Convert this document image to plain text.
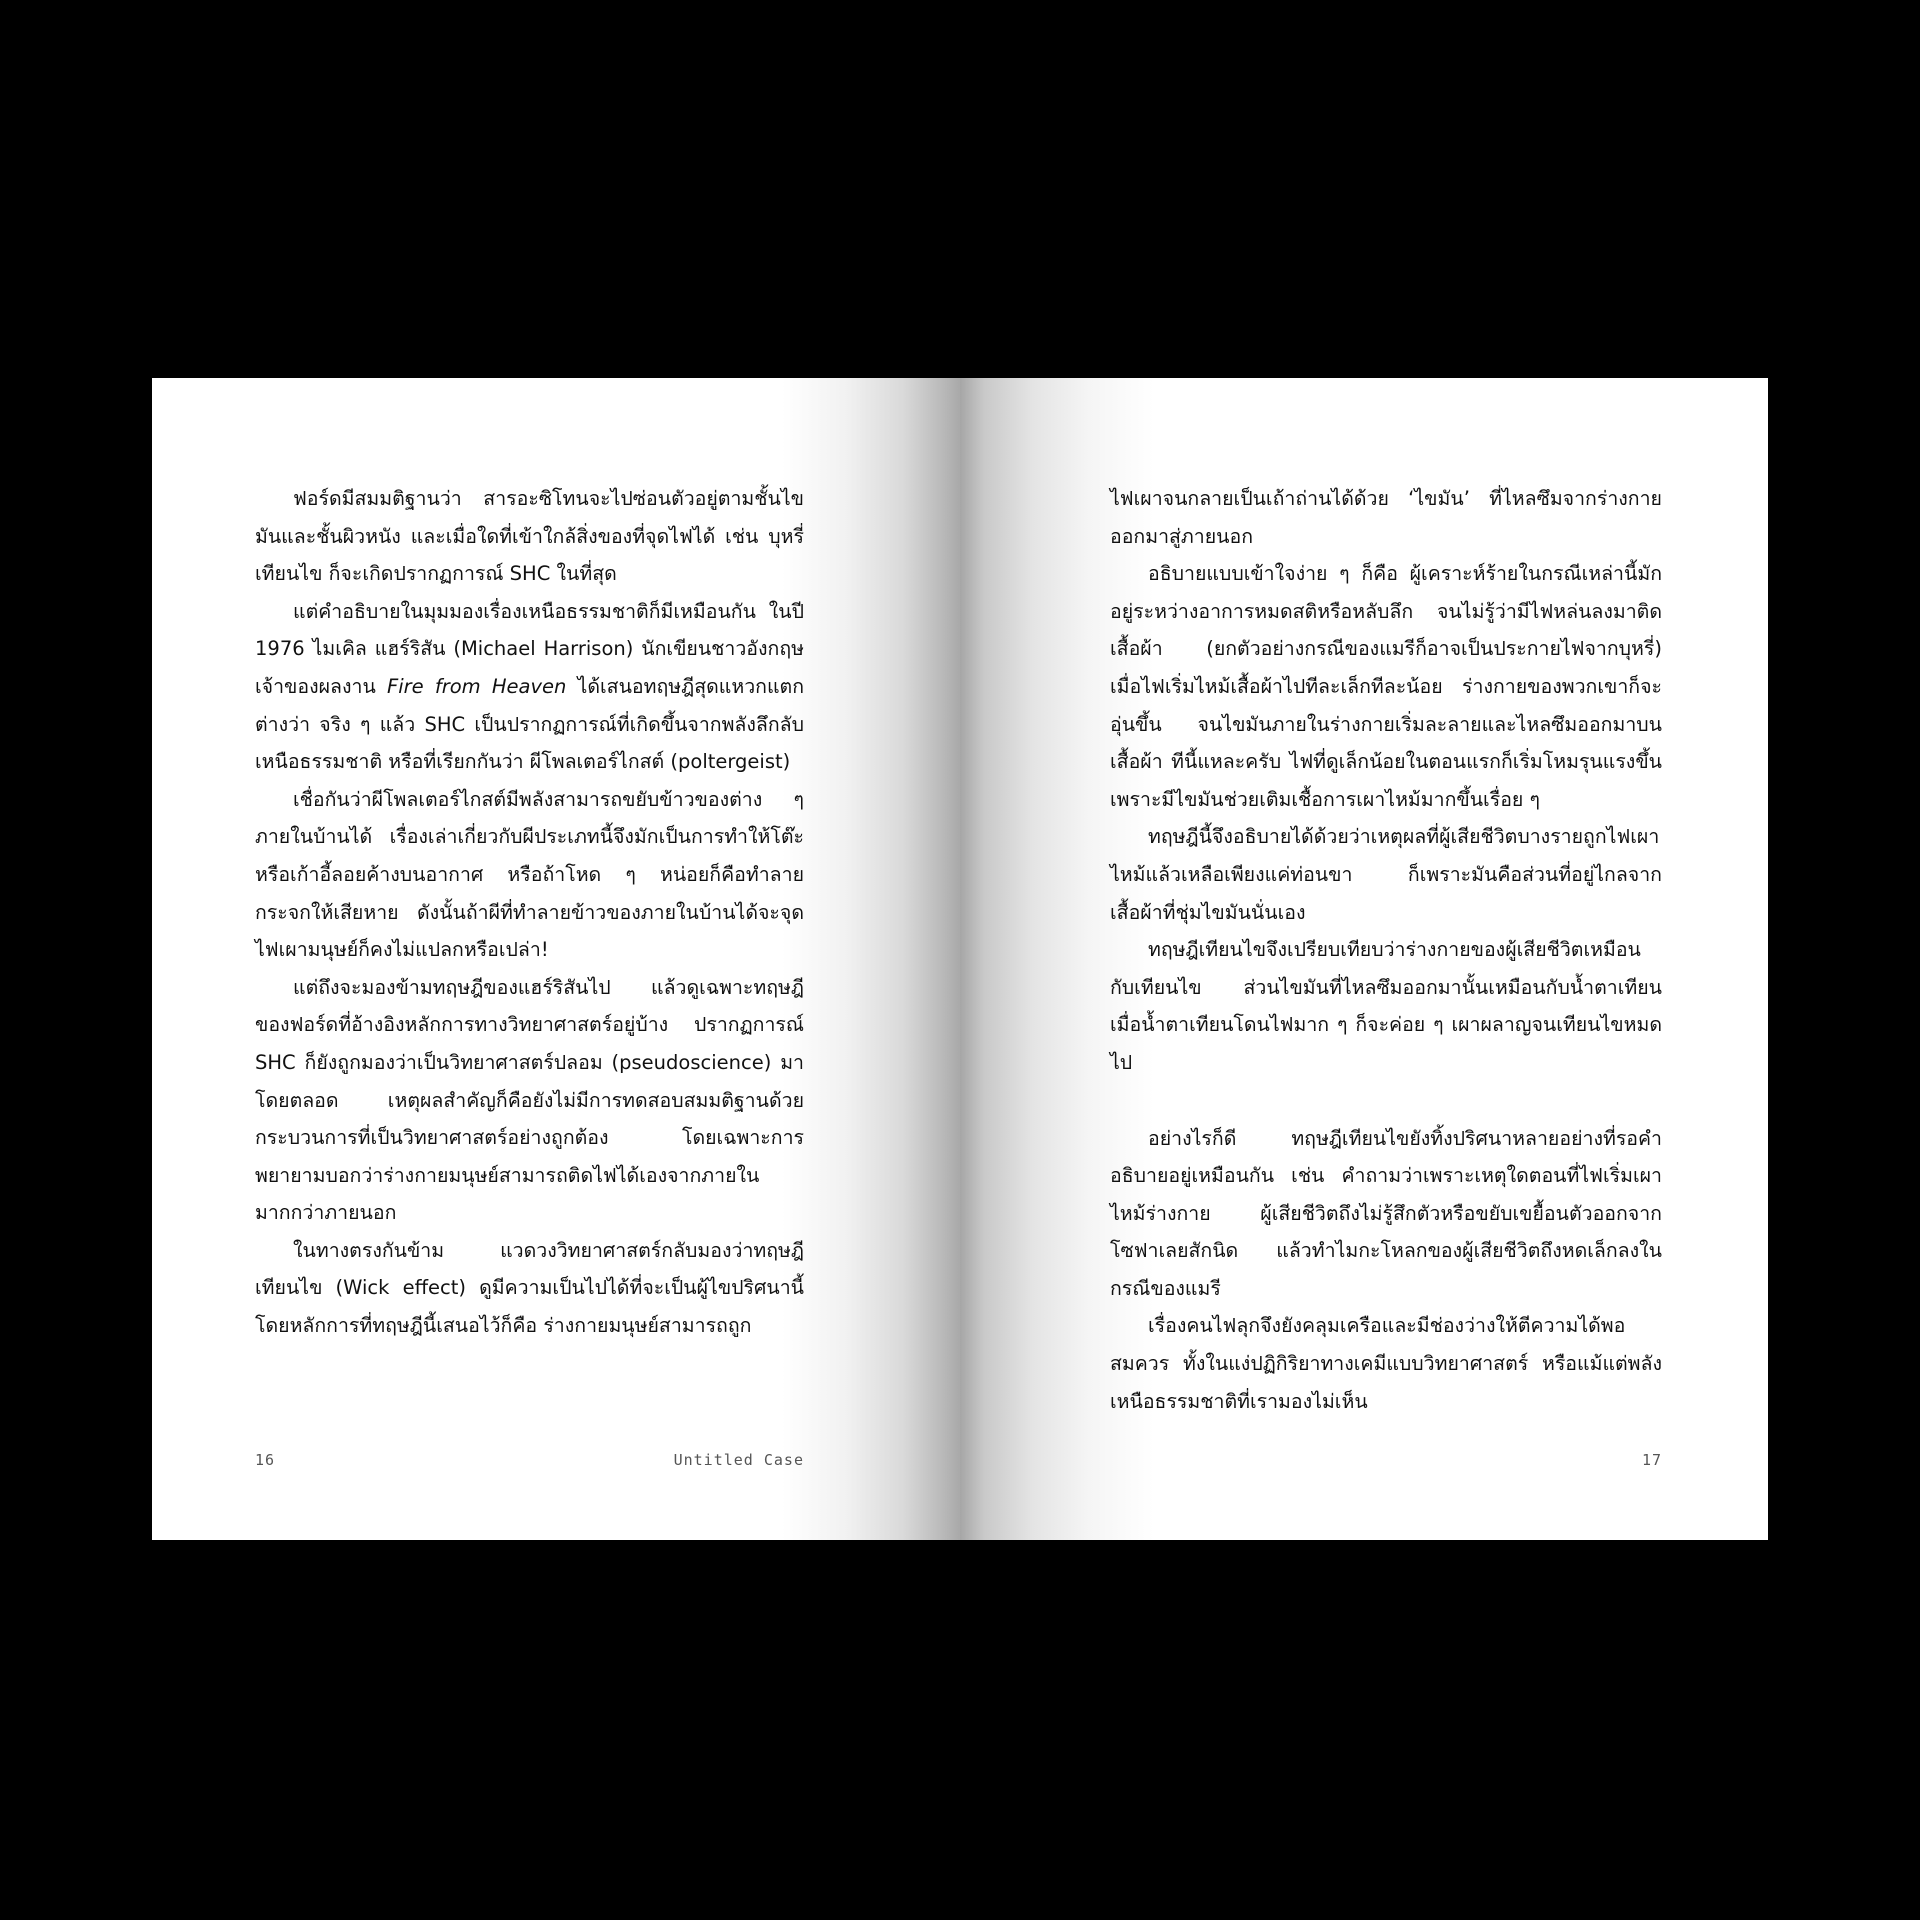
ฟอร์ดมีสมมติฐานว่า สารอะซิโทนจะไปซ่อนตัวอยู่ตามชั้นไขมันและชั้นผิวหนัง และเมื่อใดที่เข้าใกล้สิ่งของที่จุดไฟได้ เช่น บุหรี่ เทียนไข ก็จะเกิดปรากฏการณ์ SHC ในที่สุด

แต่คำอธิบายในมุมมองเรื่องเหนือธรรมชาติก็มีเหมือนกัน ในปี 1976 ไมเคิล แฮร์ริสัน (Michael Harrison) นักเขียนชาวอังกฤษ เจ้าของผลงาน Fire from Heaven ได้เสนอทฤษฎีสุดแหวกแตกต่างว่า จริง ๆ แล้ว SHC เป็นปรากฏการณ์ที่เกิดขึ้นจากพลังลึกลับเหนือธรรมชาติ หรือที่เรียกกันว่า ผีโพลเตอร์ไกสต์ (poltergeist)

เชื่อกันว่าผีโพลเตอร์ไกสต์มีพลังสามารถขยับข้าวของต่าง ๆ ภายในบ้านได้ เรื่องเล่าเกี่ยวกับผีประเภทนี้จึงมักเป็นการทำให้โต๊ะหรือเก้าอี้ลอยค้างบนอากาศ หรือถ้าโหด ๆ หน่อยก็คือทำลายกระจกให้เสียหาย ดังนั้นถ้าผีที่ทำลายข้าวของภายในบ้านได้จะจุดไฟเผามนุษย์ก็คงไม่แปลกหรือเปล่า!

แต่ถึงจะมองข้ามทฤษฎีของแฮร์ริสันไป แล้วดูเฉพาะทฤษฎีของฟอร์ดที่อ้างอิงหลักการทางวิทยาศาสตร์อยู่บ้าง ปรากฏการณ์ SHC ก็ยังถูกมองว่าเป็นวิทยาศาสตร์ปลอม (pseudoscience) มาโดยตลอด เหตุผลสำคัญก็คือยังไม่มีการทดสอบสมมติฐานด้วยกระบวนการที่เป็นวิทยาศาสตร์อย่างถูกต้อง โดยเฉพาะการพยายามบอกว่าร่างกายมนุษย์สามารถติดไฟได้เองจากภายในมากกว่าภายนอก

ในทางตรงกันข้าม แวดวงวิทยาศาสตร์กลับมองว่าทฤษฎีเทียนไข (Wick effect) ดูมีความเป็นไปได้ที่จะเป็นผู้ไขปริศนานี้ โดยหลักการที่ทฤษฎีนี้เสนอไว้ก็คือ ร่างกายมนุษย์สามารถถูก

16	Untitled Case

ไฟเผาจนกลายเป็นเถ้าถ่านได้ด้วย ‘ไขมัน’ ที่ไหลซึมจากร่างกายออกมาสู่ภายนอก

อธิบายแบบเข้าใจง่าย ๆ ก็คือ ผู้เคราะห์ร้ายในกรณีเหล่านี้มักอยู่ระหว่างอาการหมดสติหรือหลับลึก จนไม่รู้ว่ามีไฟหล่นลงมาติดเสื้อผ้า (ยกตัวอย่างกรณีของแมรีก็อาจเป็นประกายไฟจากบุหรี่) เมื่อไฟเริ่มไหม้เสื้อผ้าไปทีละเล็กทีละน้อย ร่างกายของพวกเขาก็จะอุ่นขึ้น จนไขมันภายในร่างกายเริ่มละลายและไหลซึมออกมาบนเสื้อผ้า ทีนี้แหละครับ ไฟที่ดูเล็กน้อยในตอนแรกก็เริ่มโหมรุนแรงขึ้น เพราะมีไขมันช่วยเติมเชื้อการเผาไหม้มากขึ้นเรื่อย ๆ

ทฤษฎีนี้จึงอธิบายได้ด้วยว่าเหตุผลที่ผู้เสียชีวิตบางรายถูกไฟเผาไหม้แล้วเหลือเพียงแค่ท่อนขา ก็เพราะมันคือส่วนที่อยู่ไกลจากเสื้อผ้าที่ชุ่มไขมันนั่นเอง

ทฤษฎีเทียนไขจึงเปรียบเทียบว่าร่างกายของผู้เสียชีวิตเหมือนกับเทียนไข ส่วนไขมันที่ไหลซึมออกมานั้นเหมือนกับน้ำตาเทียน เมื่อน้ำตาเทียนโดนไฟมาก ๆ ก็จะค่อย ๆ เผาผลาญจนเทียนไขหมดไป

อย่างไรก็ดี ทฤษฎีเทียนไขยังทิ้งปริศนาหลายอย่างที่รอคำอธิบายอยู่เหมือนกัน เช่น คำถามว่าเพราะเหตุใดตอนที่ไฟเริ่มเผาไหม้ร่างกาย ผู้เสียชีวิตถึงไม่รู้สึกตัวหรือขยับเขยื้อนตัวออกจากโซฟาเลยสักนิด แล้วทำไมกะโหลกของผู้เสียชีวิตถึงหดเล็กลงในกรณีของแมรี

เรื่องคนไฟลุกจึงยังคลุมเครือและมีช่องว่างให้ตีความได้พอสมควร ทั้งในแง่ปฏิกิริยาทางเคมีแบบวิทยาศาสตร์ หรือแม้แต่พลังเหนือธรรมชาติที่เรามองไม่เห็น

17
